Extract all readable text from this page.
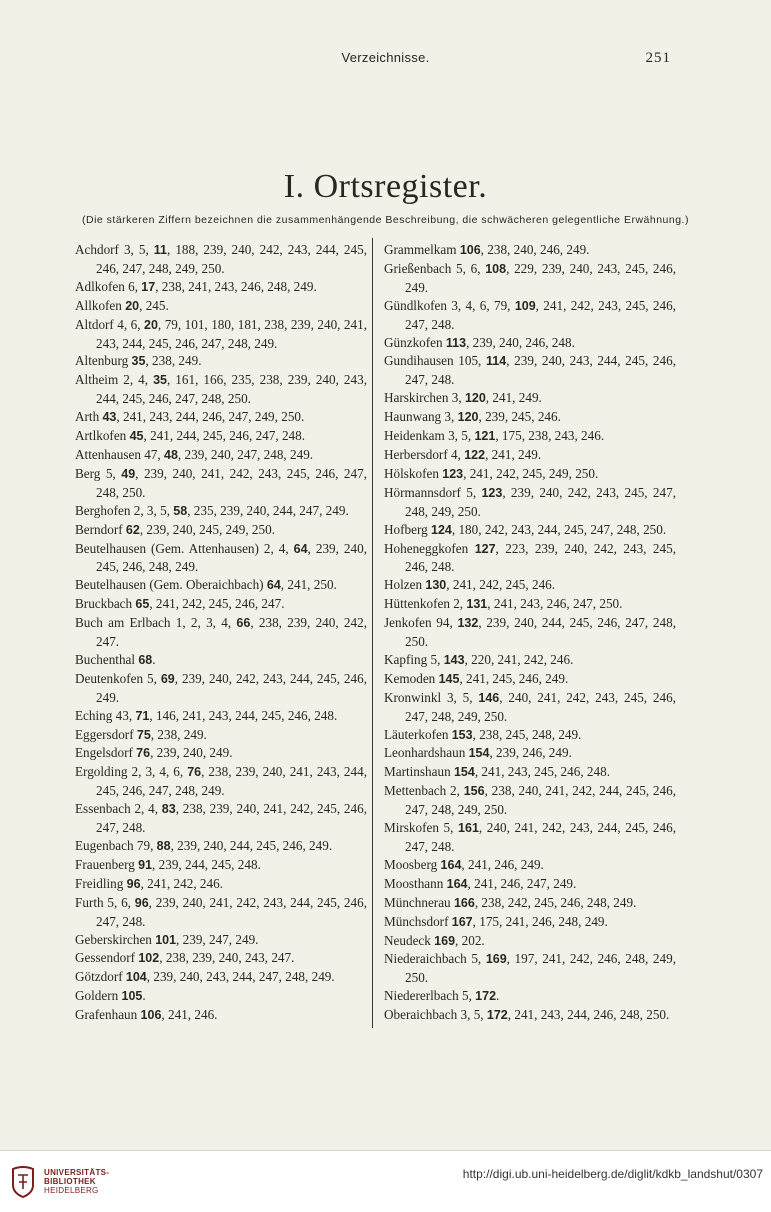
Verzeichnisse.	251
I. Ortsregister.
(Die stärkeren Ziffern bezeichnen die zusammenhängende Beschreibung, die schwächeren gelegentliche Erwähnung.)
Achdorf 3, 5, 11, 188, 239, 240, 242, 243, 244, 245, 246, 247, 248, 249, 250.
Adlkofen 6, 17, 238, 241, 243, 246, 248, 249.
Allkofen 20, 245.
Altdorf 4, 6, 20, 79, 101, 180, 181, 238, 239, 240, 241, 243, 244, 245, 246, 247, 248, 249.
Altenburg 35, 238, 249.
Altheim 2, 4, 35, 161, 166, 235, 238, 239, 240, 243, 244, 245, 246, 247, 248, 250.
Arth 43, 241, 243, 244, 246, 247, 249, 250.
Artlkofen 45, 241, 244, 245, 246, 247, 248.
Attenhausen 47, 48, 239, 240, 247, 248, 249.
Berg 5, 49, 239, 240, 241, 242, 243, 245, 246, 247, 248, 250.
Berghofen 2, 3, 5, 58, 235, 239, 240, 244, 247, 249.
Berndorf 62, 239, 240, 245, 249, 250.
Beutelhausen (Gem. Attenhausen) 2, 4, 64, 239, 240, 245, 246, 248, 249.
Beutelhausen (Gem. Oberaichbach) 64, 241, 250.
Bruckbach 65, 241, 242, 245, 246, 247.
Buch am Erlbach 1, 2, 3, 4, 66, 238, 239, 240, 242, 247.
Buchenthal 68.
Deutenkofen 5, 69, 239, 240, 242, 243, 244, 245, 246, 249.
Eching 43, 71, 146, 241, 243, 244, 245, 246, 248.
Eggersdorf 75, 238, 249.
Engelsdorf 76, 239, 240, 249.
Ergolding 2, 3, 4, 6, 76, 238, 239, 240, 241, 243, 244, 245, 246, 247, 248, 249.
Essenbach 2, 4, 83, 238, 239, 240, 241, 242, 245, 246, 247, 248.
Eugenbach 79, 88, 239, 240, 244, 245, 246, 249.
Frauenberg 91, 239, 244, 245, 248.
Freidling 96, 241, 242, 246.
Furth 5, 6, 96, 239, 240, 241, 242, 243, 244, 245, 246, 247, 248.
Geberskirchen 101, 239, 247, 249.
Gessendorf 102, 238, 239, 240, 243, 247.
Götzdorf 104, 239, 240, 243, 244, 247, 248, 249.
Goldern 105.
Grafenhaun 106, 241, 246.
Grammelkam 106, 238, 240, 246, 249.
Grießenbach 5, 6, 108, 229, 239, 240, 243, 245, 246, 249.
Gündlkofen 3, 4, 6, 79, 109, 241, 242, 243, 245, 246, 247, 248.
Günzkofen 113, 239, 240, 246, 248.
Gundihausen 105, 114, 239, 240, 243, 244, 245, 246, 247, 248.
Harskirchen 3, 120, 241, 249.
Haunwang 3, 120, 239, 245, 246.
Heidenkam 3, 5, 121, 175, 238, 243, 246.
Herbersdorf 4, 122, 241, 249.
Hölskofen 123, 241, 242, 245, 249, 250.
Hörmannsdorf 5, 123, 239, 240, 242, 243, 245, 247, 248, 249, 250.
Hofberg 124, 180, 242, 243, 244, 245, 247, 248, 250.
Hoheneggkofen 127, 223, 239, 240, 242, 243, 245, 246, 248.
Holzen 130, 241, 242, 245, 246.
Hüttenkofen 2, 131, 241, 243, 246, 247, 250.
Jenkofen 94, 132, 239, 240, 244, 245, 246, 247, 248, 250.
Kapfing 5, 143, 220, 241, 242, 246.
Kemoden 145, 241, 245, 246, 249.
Kronwinkl 3, 5, 146, 240, 241, 242, 243, 245, 246, 247, 248, 249, 250.
Läuterkofen 153, 238, 245, 248, 249.
Leonhardshaun 154, 239, 246, 249.
Martinshaun 154, 241, 243, 245, 246, 248.
Mettenbach 2, 156, 238, 240, 241, 242, 244, 245, 246, 247, 248, 249, 250.
Mirskofen 5, 161, 240, 241, 242, 243, 244, 245, 246, 247, 248.
Moosberg 164, 241, 246, 249.
Moosthann 164, 241, 246, 247, 249.
Münchnerau 166, 238, 242, 245, 246, 248, 249.
Münchsdorf 167, 175, 241, 246, 248, 249.
Neudeck 169, 202.
Niederaichbach 5, 169, 197, 241, 242, 246, 248, 249, 250.
Niedererlbach 5, 172.
Oberaichbach 3, 5, 172, 241, 243, 244, 246, 248, 250.
UNIVERSITÄTS-
BIBLIOTHEK
HEIDELBERG
http://digi.ub.uni-heidelberg.de/diglit/kdkb_landshut/0307
